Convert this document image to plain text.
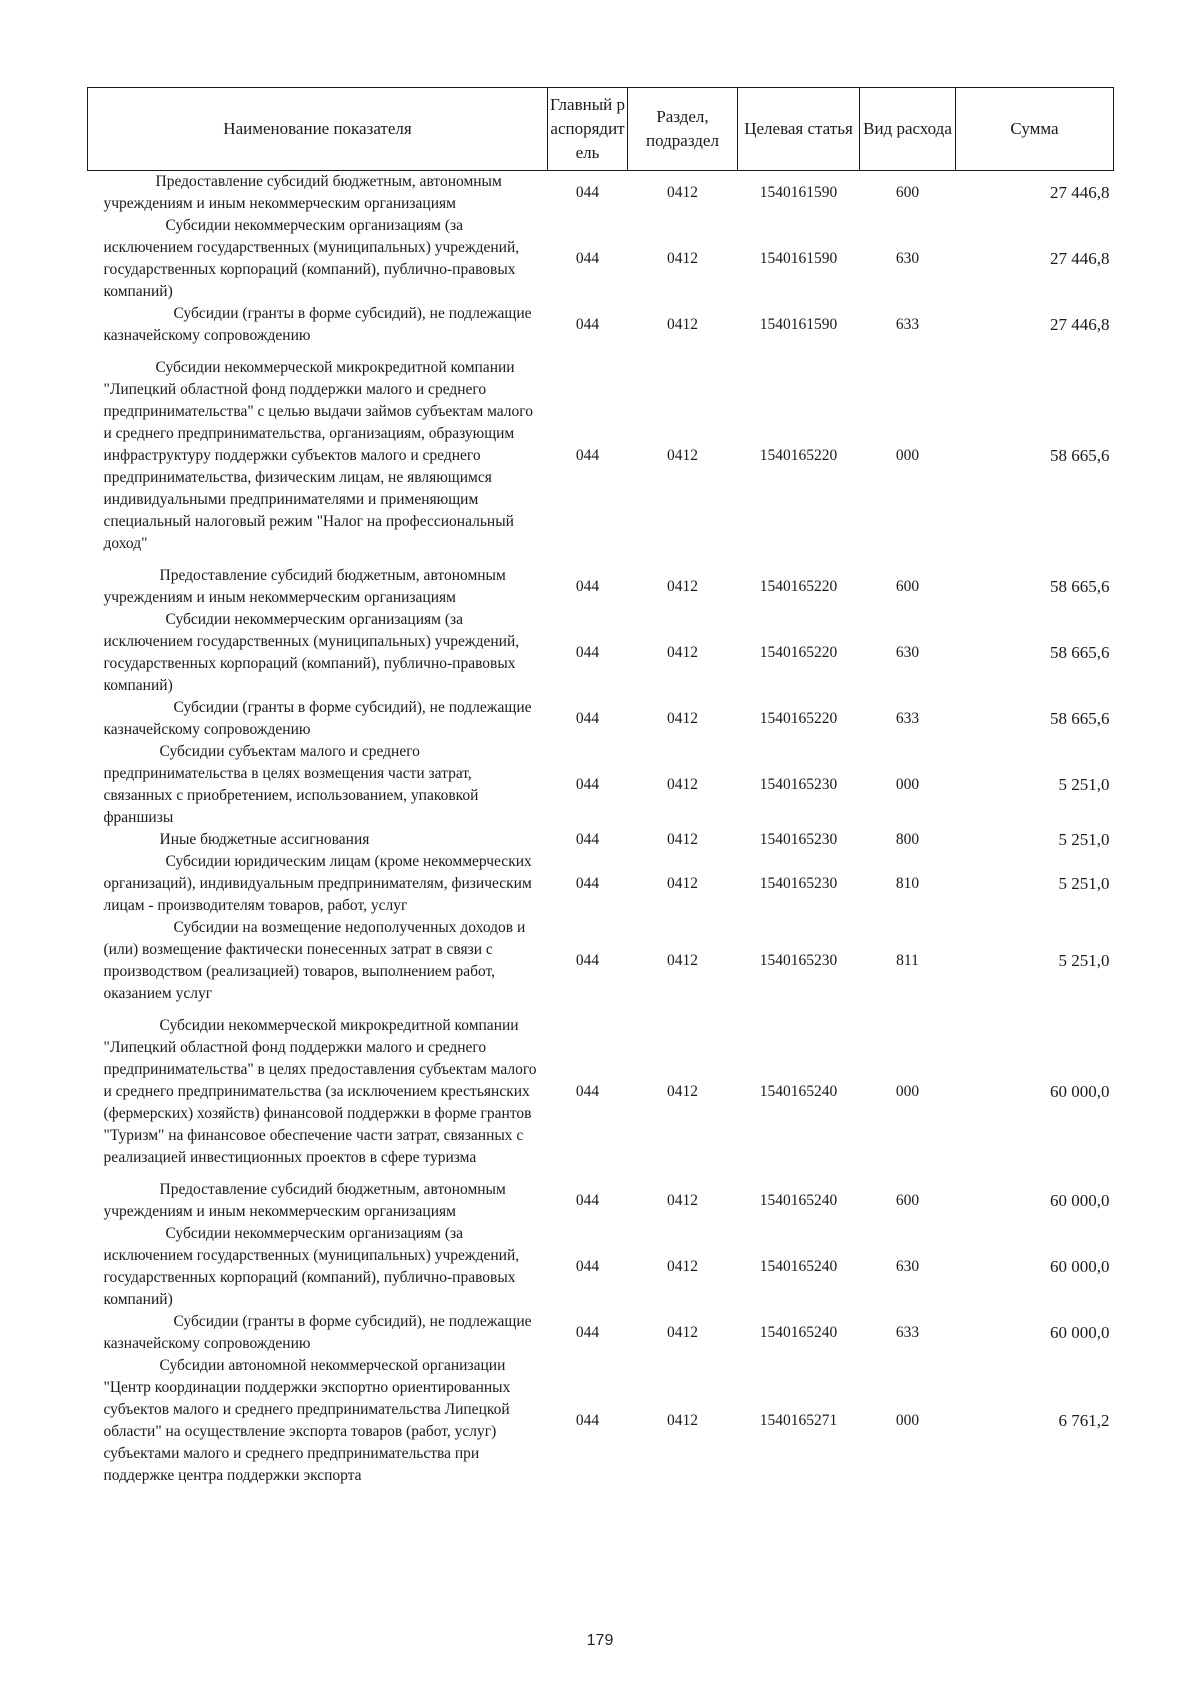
Наименование показателя	Главный распорядитель	Раздел, подраздел	Целевая статья	Вид расхода	Сумма
Предоставление субсидий бюджетным, автономным учреждениям и иным некоммерческим организациям	044	0412	1540161590	600	27 446,8
Субсидии некоммерческим организациям (за исключением государственных (муниципальных) учреждений, государственных корпораций (компаний), публично-правовых компаний)	044	0412	1540161590	630	27 446,8
Субсидии (гранты в форме субсидий), не подлежащие казначейскому сопровождению	044	0412	1540161590	633	27 446,8

Субсидии некоммерческой микрокредитной компании "Липецкий областной фонд поддержки малого и среднего предпринимательства" с целью выдачи займов субъектам малого и среднего предпринимательства, организациям, образующим инфраструктуру поддержки субъектов малого и среднего предпринимательства, физическим лицам, не являющимся индивидуальными предпринимателями и применяющим специальный налоговый режим "Налог на профессиональный доход"	044	0412	1540165220	000	58 665,6

Предоставление субсидий бюджетным, автономным учреждениям и иным некоммерческим организациям	044	0412	1540165220	600	58 665,6
Субсидии некоммерческим организациям (за исключением государственных (муниципальных) учреждений, государственных корпораций (компаний), публично-правовых компаний)	044	0412	1540165220	630	58 665,6
Субсидии (гранты в форме субсидий), не подлежащие казначейскому сопровождению	044	0412	1540165220	633	58 665,6
Субсидии субъектам малого и среднего предпринимательства в целях возмещения части затрат, связанных с приобретением, использованием, упаковкой франшизы	044	0412	1540165230	000	5 251,0
Иные бюджетные ассигнования	044	0412	1540165230	800	5 251,0
Субсидии юридическим лицам (кроме некоммерческих организаций), индивидуальным предпринимателям, физическим лицам - производителям товаров, работ, услуг	044	0412	1540165230	810	5 251,0
Субсидии на возмещение недополученных доходов и (или) возмещение фактически понесенных затрат в связи с производством (реализацией) товаров, выполнением работ, оказанием услуг	044	0412	1540165230	811	5 251,0

Субсидии некоммерческой микрокредитной компании "Липецкий областной фонд поддержки малого и среднего предпринимательства" в целях предоставления субъектам малого и среднего предпринимательства (за исключением крестьянских (фермерских) хозяйств) финансовой поддержки в форме грантов "Туризм" на финансовое обеспечение части затрат, связанных с реализацией инвестиционных проектов в сфере туризма	044	0412	1540165240	000	60 000,0

Предоставление субсидий бюджетным, автономным учреждениям и иным некоммерческим организациям	044	0412	1540165240	600	60 000,0
Субсидии некоммерческим организациям (за исключением государственных (муниципальных) учреждений, государственных корпораций (компаний), публично-правовых компаний)	044	0412	1540165240	630	60 000,0
Субсидии (гранты в форме субсидий), не подлежащие казначейскому сопровождению	044	0412	1540165240	633	60 000,0
Субсидии автономной некоммерческой организации "Центр координации поддержки экспортно ориентированных субъектов малого и среднего предпринимательства Липецкой области" на осуществление экспорта товаров (работ, услуг) субъектами малого и среднего предпринимательства при поддержке центра поддержки экспорта	044	0412	1540165271	000	6 761,2
179
